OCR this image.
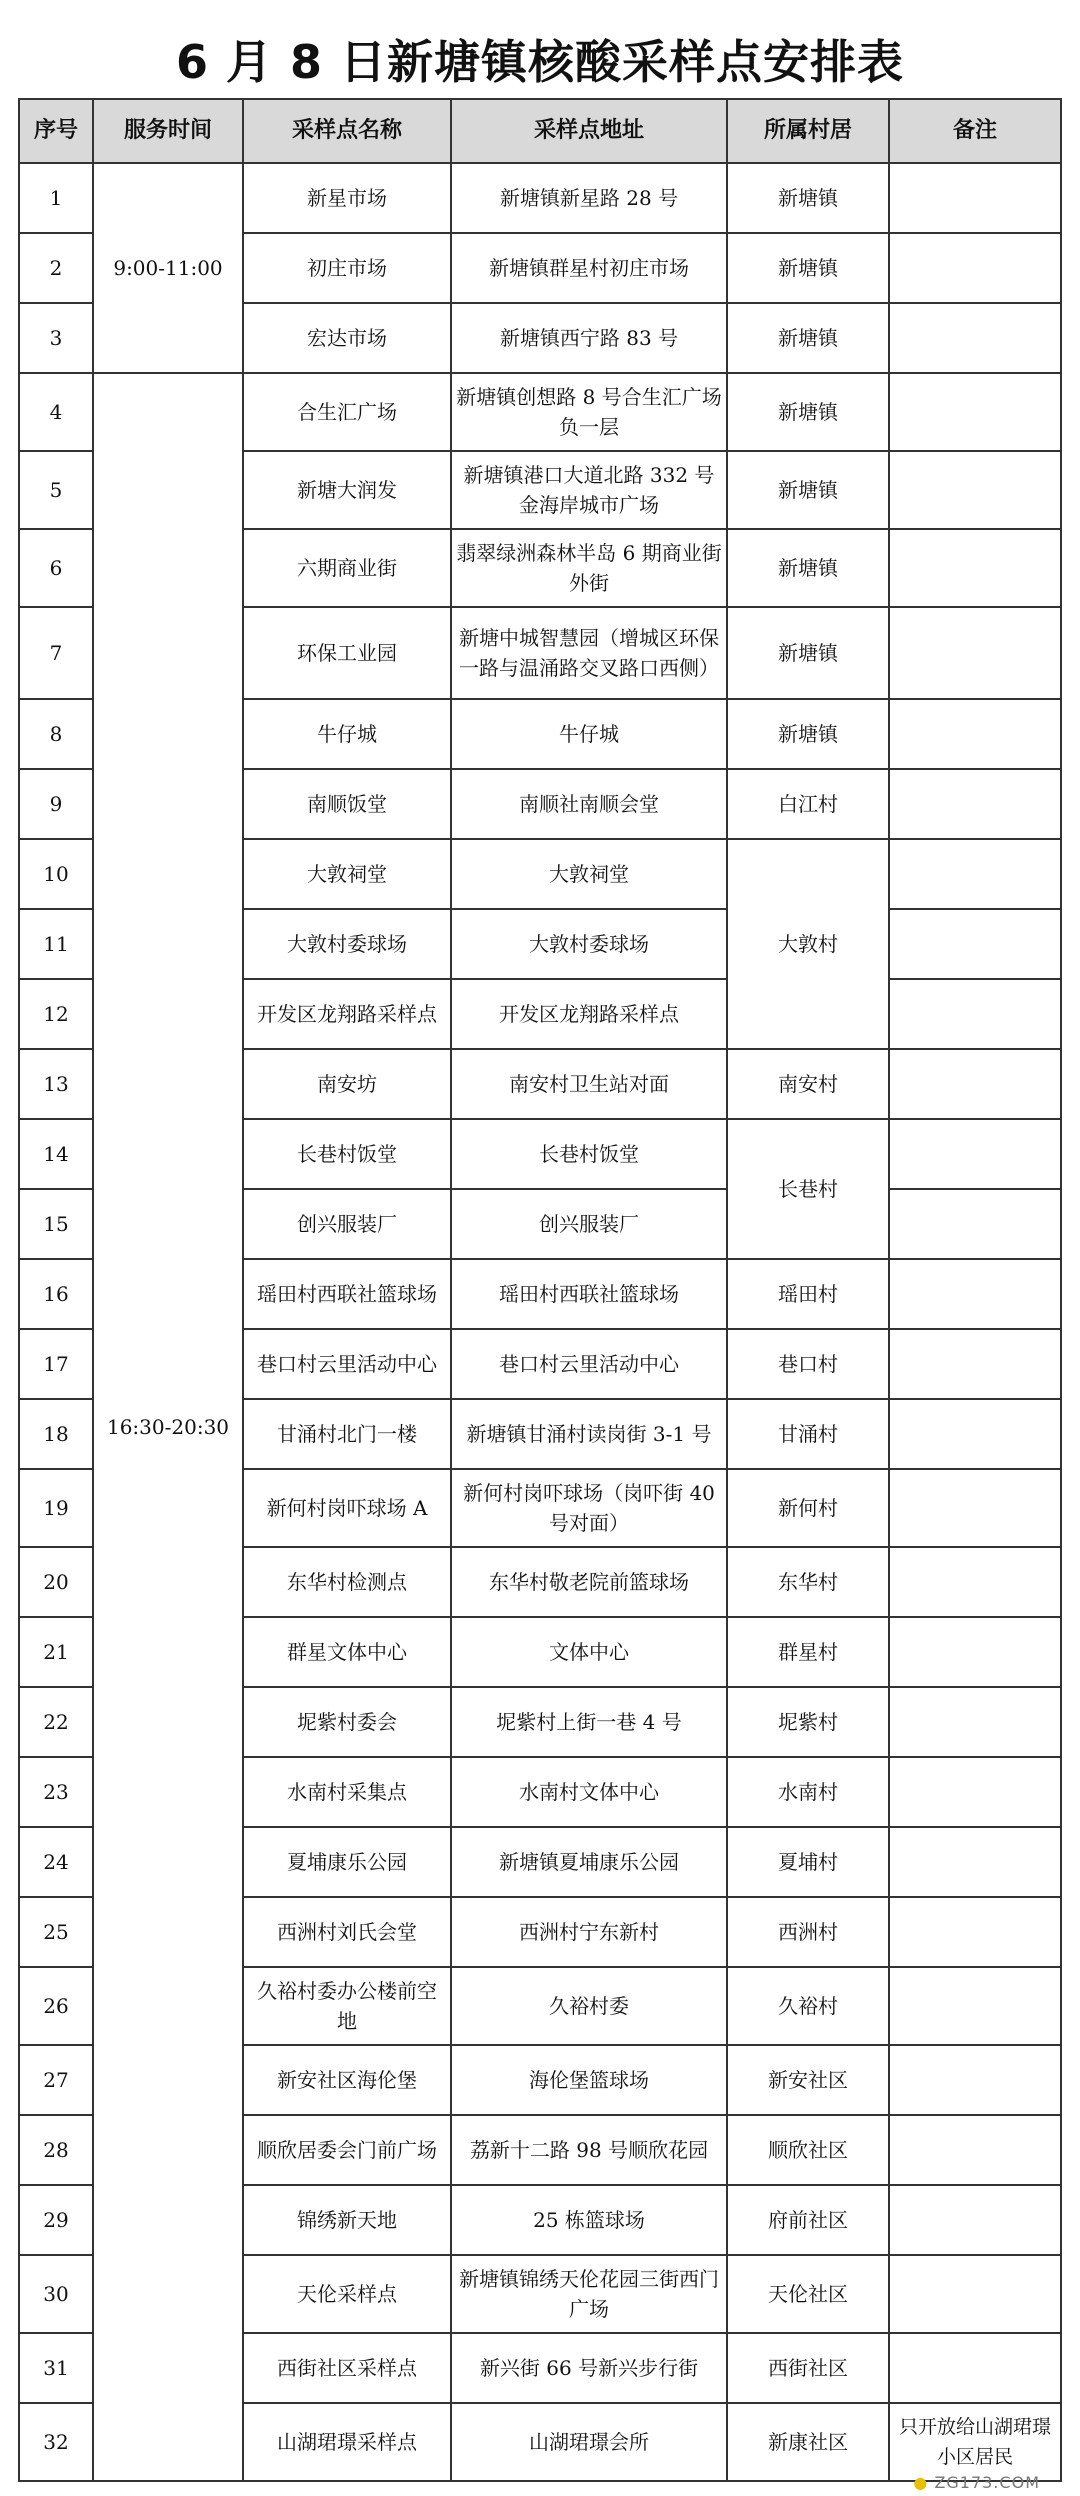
6 月 8 日新塘镇核酸采样点安排表
序号	服务时间	采样点名称	采样点地址	所属村居	备注
1	9:00-11:00	新星市场	新塘镇新星路 28 号	新塘镇	
2		初庄市场	新塘镇群星村初庄市场	新塘镇	
3		宏达市场	新塘镇西宁路 83 号	新塘镇	
4	16:30-20:30	合生汇广场	新塘镇创想路 8 号合生汇广场负一层	新塘镇	
5		新塘大润发	新塘镇港口大道北路 332 号金海岸城市广场	新塘镇	
6		六期商业街	翡翠绿洲森林半岛 6 期商业街外街	新塘镇	
7		环保工业园	新塘中城智慧园（增城区环保一路与温涌路交叉路口西侧）	新塘镇	
8		牛仔城	牛仔城	新塘镇	
9		南顺饭堂	南顺社南顺会堂	白江村	
10		大敦祠堂	大敦祠堂	大敦村	
11		大敦村委球场	大敦村委球场		
12		开发区龙翔路采样点	开发区龙翔路采样点		
13		南安坊	南安村卫生站对面	南安村	
14		长巷村饭堂	长巷村饭堂	长巷村	
15		创兴服装厂	创兴服装厂		
16		瑶田村西联社篮球场	瑶田村西联社篮球场	瑶田村	
17		巷口村云里活动中心	巷口村云里活动中心	巷口村	
18		甘涌村北门一楼	新塘镇甘涌村读岗街 3-1 号	甘涌村	
19		新何村岗吓球场 A	新何村岗吓球场（岗吓街 40 号对面）	新何村	
20		东华村检测点	东华村敬老院前篮球场	东华村	
21		群星文体中心	文体中心	群星村	
22		坭紫村委会	坭紫村上街一巷 4 号	坭紫村	
23		水南村采集点	水南村文体中心	水南村	
24		夏埔康乐公园	新塘镇夏埔康乐公园	夏埔村	
25		西洲村刘氏会堂	西洲村宁东新村	西洲村	
26		久裕村委办公楼前空地	久裕村委	久裕村	
27		新安社区海伦堡	海伦堡篮球场	新安社区	
28		顺欣居委会门前广场	荔新十二路 98 号顺欣花园	顺欣社区	
29		锦绣新天地	25 栋篮球场	府前社区	
30		天伦采样点	新塘镇锦绣天伦花园三街西门广场	天伦社区	
31		西街社区采样点	新兴街 66 号新兴步行街	西街社区	
32		山湖珺璟采样点	山湖珺璟会所	新康社区	只开放给山湖珺璟小区居民
● ZG173.COM
